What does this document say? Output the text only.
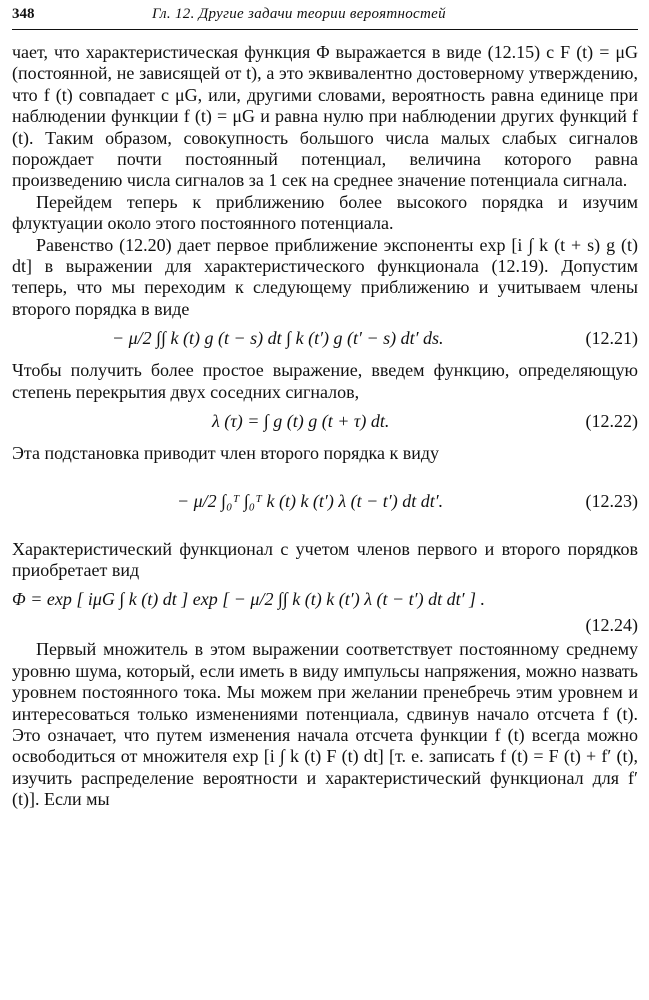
348	Гл. 12. Другие задачи теории вероятностей

чает, что характеристическая функция Φ выражается в виде (12.15) с F (t) = μG (постоянной, не зависящей от t), а это эквивалентно достоверному утверждению, что f (t) совпадает с μG, или, другими словами, вероятность равна единице при наблюдении функции f (t) = μG и равна нулю при наблюдении других функций f (t). Таким образом, совокупность большого числа малых слабых сигналов порождает почти постоянный потенциал, величина которого равна произведению числа сигналов за 1 сек на среднее значение потенциала сигнала.

Перейдем теперь к приближению более высокого порядка и изучим флуктуации около этого постоянного потенциала.

Равенство (12.20) дает первое приближение экспоненты exp [i ∫ k (t + s) g (t) dt] в выражении для характеристического функционала (12.19). Допустим теперь, что мы переходим к следующему приближению и учитываем члены второго порядка в виде

− μ/2 ∫∫ k (t) g (t − s) dt ∫ k (t′) g (t′ − s) dt′ ds.	(12.21)

Чтобы получить более простое выражение, введем функцию, определяющую степень перекрытия двух соседних сигналов,

λ (τ) = ∫ g (t) g (t + τ) dt.	(12.22)

Эта подстановка приводит член второго порядка к виду

− μ/2 ∫₀ᵀ ∫₀ᵀ k (t) k (t′) λ (t − t′) dt dt′.	(12.23)

Характеристический функционал с учетом членов первого и второго порядков приобретает вид

Φ = exp [ iμG ∫ k (t) dt ] exp [ − μ/2 ∫∫ k (t) k (t′) λ (t − t′) dt dt′ ] .
(12.24)

Первый множитель в этом выражении соответствует постоянному среднему уровню шума, который, если иметь в виду импульсы напряжения, можно назвать уровнем постоянного тока. Мы можем при желании пренебречь этим уровнем и интересоваться только изменениями потенциала, сдвинув начало отсчета f (t). Это означает, что путем изменения начала отсчета функции f (t) всегда можно освободиться от множителя exp [i ∫ k (t) F (t) dt] [т. е. записать f (t) = F (t) + f′ (t), изучить распределение вероятности и характеристический функционал для f′ (t)]. Если мы
